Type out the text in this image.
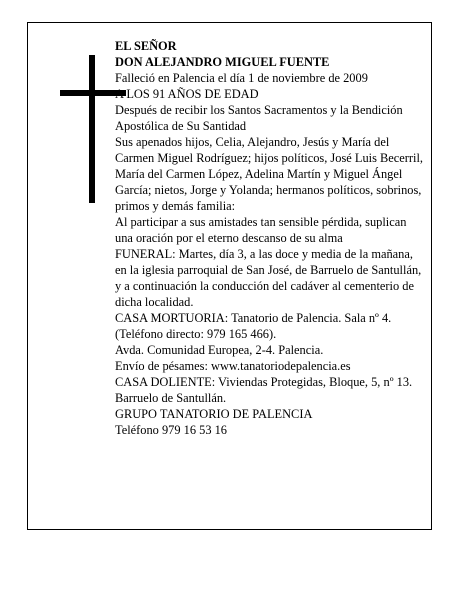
EL SEÑOR

DON ALEJANDRO MIGUEL FUENTE

Falleció en Palencia el día 1 de noviembre de 2009

A LOS 91 AÑOS DE EDAD

Después de recibir los Santos Sacramentos y la Bendición Apostólica de Su Santidad

Sus apenados hijos, Celia, Alejandro, Jesús y María del Carmen Miguel Rodríguez; hijos políticos, José Luis Becerril, María del Carmen López, Adelina Martín y Miguel Ángel García; nietos, Jorge y Yolanda; hermanos políticos, sobrinos, primos y demás familia:

Al participar a sus amistades tan sensible pérdida, suplican una oración por el eterno descanso de su alma

FUNERAL: Martes, día 3, a las doce y media de la mañana, en la iglesia parroquial de San José, de Barruelo de Santullán, y a continuación la conducción del cadáver al cementerio de dicha localidad.

CASA MORTUORIA: Tanatorio de Palencia. Sala nº 4. (Teléfono directo: 979 165 466).

Avda. Comunidad Europea, 2-4. Palencia.

Envío de pésames: www.tanatoriodepalencia.es

CASA DOLIENTE: Viviendas Protegidas, Bloque, 5, nº 13.

Barruelo de Santullán.

GRUPO TANATORIO DE PALENCIA

Teléfono 979 16 53 16
